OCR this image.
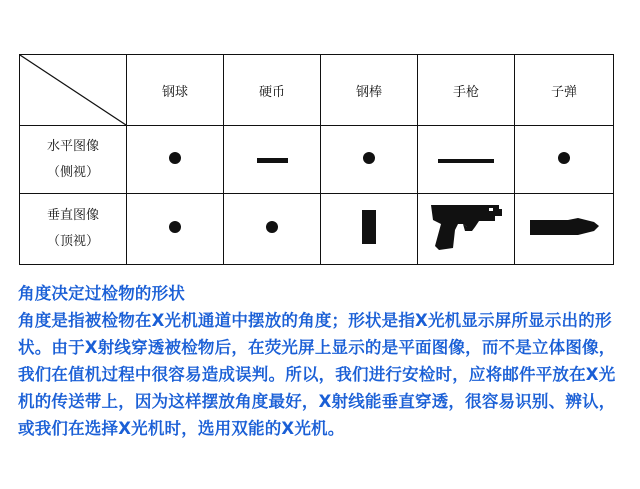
	钢球	硬币	钢棒	手枪	子弹

水平图像
（侧视）					

垂直图像
（顶视）

角度决定过检物的形状

角度是指被检物在X光机通道中摆放的角度；形状是指X光机显示屏所显示出的形状。由于X射线穿透被检物后，在荧光屏上显示的是平面图像，而不是立体图像，我们在值机过程中很容易造成误判。所以，我们进行安检时，应将邮件平放在X光机的传送带上，因为这样摆放角度最好，X射线能垂直穿透，很容易识别、辨认，或我们在选择X光机时，选用双能的X光机。
